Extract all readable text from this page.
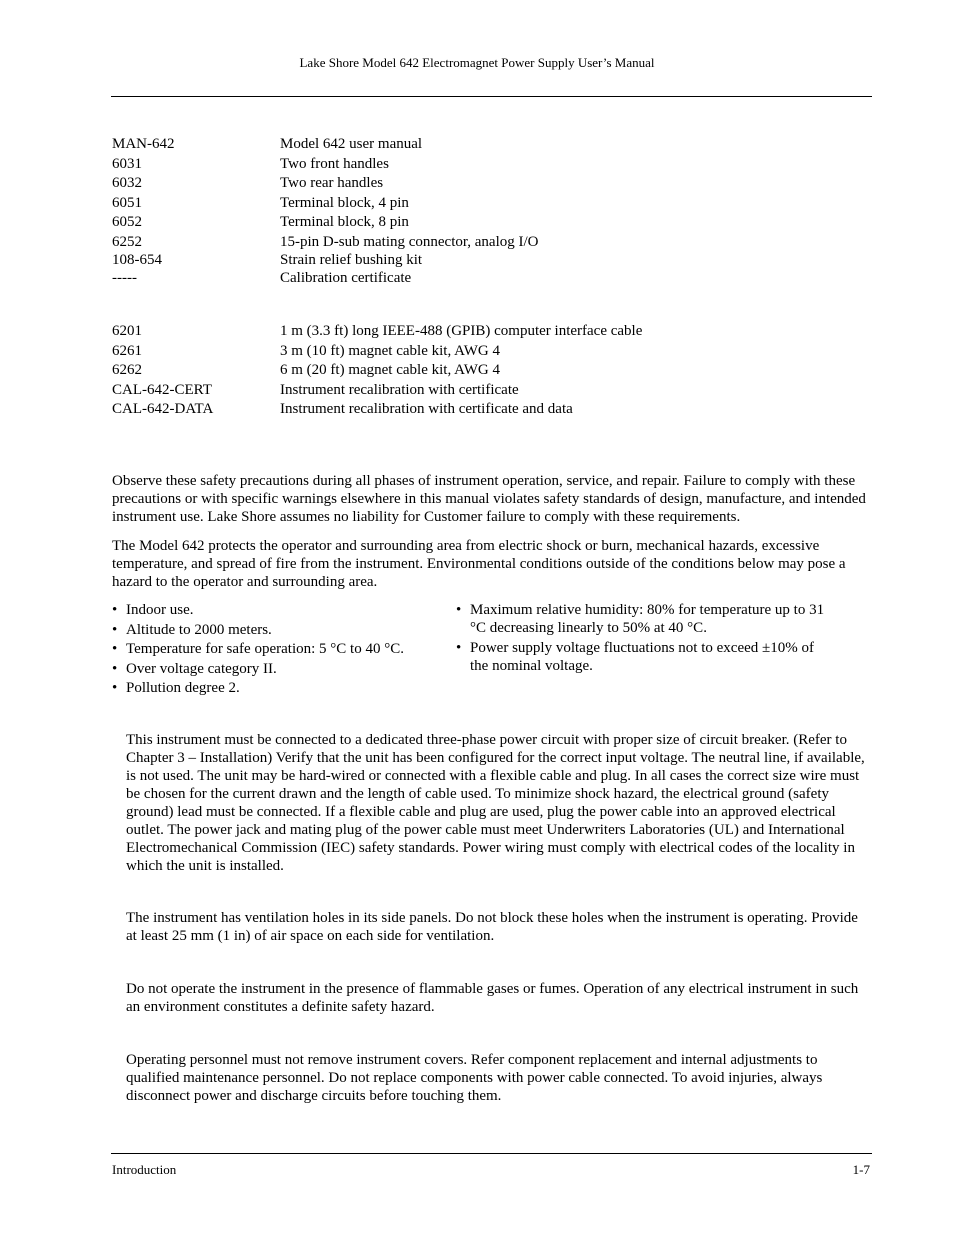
Lake Shore Model 642 Electromagnet Power Supply User’s Manual
MAN-642	Model 642 user manual
6031	Two front handles
6032	Two rear handles
6051	Terminal block, 4 pin
6052	Terminal block, 8 pin
6252	15-pin D-sub mating connector, analog I/O
108-654	Strain relief bushing kit
-----	Calibration certificate
6201	1 m (3.3 ft) long IEEE-488 (GPIB) computer interface cable
6261	3 m (10 ft) magnet cable kit, AWG 4
6262	6 m (20 ft) magnet cable kit, AWG 4
CAL-642-CERT	Instrument recalibration with certificate
CAL-642-DATA	Instrument recalibration with certificate and data

Observe these safety precautions during all phases of instrument operation, service, and repair. Failure to comply with these precautions or with specific warnings elsewhere in this manual violates safety standards of design, manufacture, and intended instrument use. Lake Shore assumes no liability for Customer failure to comply with these requirements.

The Model 642 protects the operator and surrounding area from electric shock or burn, mechanical hazards, excessive temperature, and spread of fire from the instrument. Environmental conditions outside of the conditions below may pose a hazard to the operator and surrounding area.

• Indoor use.
• Altitude to 2000 meters.
• Temperature for safe operation: 5 °C to 40 °C.
• Over voltage category II.
• Pollution degree 2.
• Maximum relative humidity: 80% for temperature up to 31 °C decreasing linearly to 50% at 40 °C.
• Power supply voltage fluctuations not to exceed ±10% of the nominal voltage.

This instrument must be connected to a dedicated three-phase power circuit with proper size of circuit breaker. (Refer to Chapter 3 – Installation) Verify that the unit has been configured for the correct input voltage. The neutral line, if available, is not used. The unit may be hard-wired or connected with a flexible cable and plug. In all cases the correct size wire must be chosen for the current drawn and the length of cable used. To minimize shock hazard, the electrical ground (safety ground) lead must be connected. If a flexible cable and plug are used, plug the power cable into an approved electrical outlet. The power jack and mating plug of the power cable must meet Underwriters Laboratories (UL) and International Electromechanical Commission (IEC) safety standards. Power wiring must comply with electrical codes of the locality in which the unit is installed.

The instrument has ventilation holes in its side panels. Do not block these holes when the instrument is operating. Provide at least 25 mm (1 in) of air space on each side for ventilation.

Do not operate the instrument in the presence of flammable gases or fumes. Operation of any electrical instrument in such an environment constitutes a definite safety hazard.

Operating personnel must not remove instrument covers. Refer component replacement and internal adjustments to qualified maintenance personnel. Do not replace components with power cable connected. To avoid injuries, always disconnect power and discharge circuits before touching them.

Introduction	1-7
